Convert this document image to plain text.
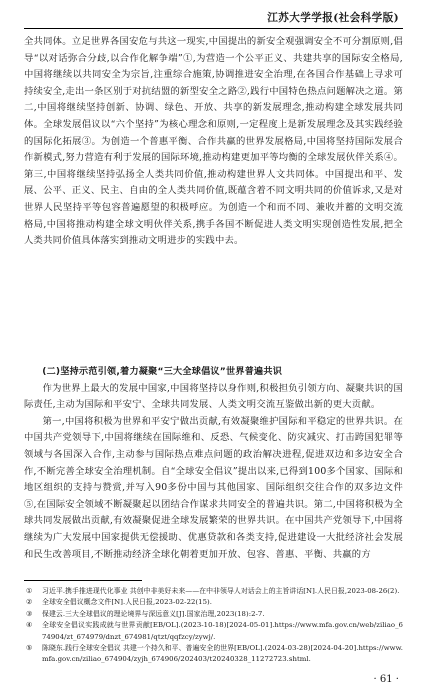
江苏大学学报(社会科学版)

全共同体。立足世界各国安危与共这一现实,中国提出的新安全观强调安全不可分割原则,倡导“以对话弥合分歧,以合作化解争端”①,为营造一个公平正义、共建共享的国际安全格局,中国将继续以共同安全为宗旨,注重综合施策,协调推进安全治理,在各国合作基础上寻求可持续安全,走出一条区别于对抗结盟的新型安全之路②,践行中国特色热点问题解决之道。第二,中国将继续坚持创新、协调、绿色、开放、共享的新发展理念,推动构建全球发展共同体。全球发展倡议以“六个坚持”为核心理念和原则,一定程度上是新发展理念及其实践经验的国际化拓展③。为创造一个普惠平衡、合作共赢的世界发展格局,中国将坚持国际发展合作新模式,努力营造有利于发展的国际环境,推动构建更加平等均衡的全球发展伙伴关系④。第三,中国将继续坚持弘扬全人类共同价值,推动构建世界人文共同体。中国提出和平、发展、公平、正义、民主、自由的全人类共同价值,既蕴含着不同文明共同的价值诉求,又是对世界人民坚持平等包容普遍愿望的积极呼应。为创造一个和而不同、兼收并蓄的文明交流格局,中国将推动构建全球文明伙伴关系,携手各国不断促进人类文明实现创造性发展,把全人类共同价值具体落实到推动文明进步的实践中去。

(二)坚持示范引领,着力凝聚“三大全球倡议”世界普遍共识

作为世界上最大的发展中国家,中国将坚持以身作则,积极担负引领方向、凝聚共识的国际责任,主动为国际和平安宁、全球共同发展、人类文明交流互鉴做出新的更大贡献。

第一,中国将积极为世界和平安宁做出贡献,有效凝聚维护国际和平稳定的世界共识。在中国共产党领导下,中国将继续在国际维和、反恐、气候变化、防灾减灾、打击跨国犯罪等领域与各国深入合作,主动参与国际热点难点问题的政治解决进程,促进双边和多边安全合作,不断完善全球安全治理机制。自“全球安全倡议”提出以来,已得到100多个国家、国际和地区组织的支持与赞赏,并写入90多份中国与其他国家、国际组织交往合作的双多边文件⑤,在国际安全领域不断凝聚起以团结合作谋求共同安全的普遍共识。第二,中国将积极为全球共同发展做出贡献,有效凝聚促进全球发展繁荣的世界共识。在中国共产党领导下,中国将继续为广大发展中国家提供无偿援助、优惠贷款和各类支持,促进建设一大批经济社会发展和民生改善项目,不断推动经济全球化朝着更加开放、包容、普惠、平衡、共赢的方

① 习近平.携手推进现代化事业 共创中非美好未来——在中非领导人对话会上的主旨讲话[N].人民日报,2023-08-26(2).
② 全球安全倡议概念文件[N].人民日报,2023-02-22(15).
③ 保建云.三大全球倡议的理论境界与深远意义[J].国家治理,2023(18):2-7.
④ 全球安全倡议实践成就与世界贡献[EB/OL].(2023-10-18)[2024-05-01].https://www.mfa.gov.cn/web/ziliao_674904/zt_674979/dnzt_674981/qtzt/qqfzcy/zywj/.
⑤ 陈晓东.践行全球安全倡议 共建一个持久和平、普遍安全的世界[EB/OL].(2024-03-28)[2024-04-20].https://www.mfa.gov.cn/ziliao_674904/zyjh_674906/202403/t20240328_11272723.shtml.
· 61 ·
